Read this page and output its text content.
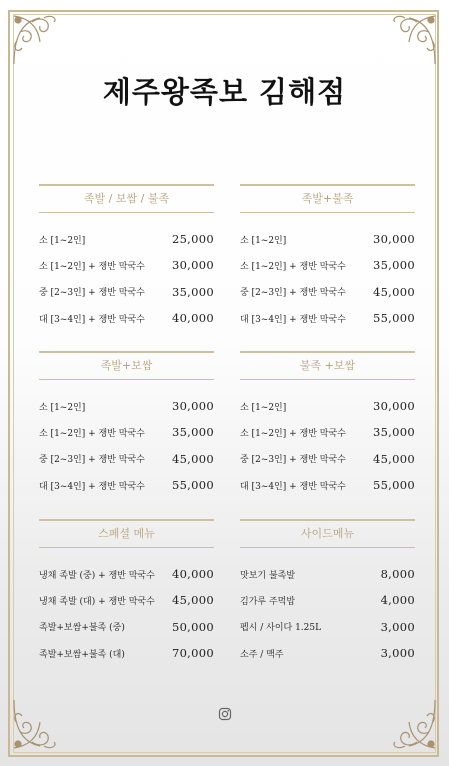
제주왕족보 김해점
족발 / 보쌈 / 불족
소 [1~2인]	25,000
소 [1~2인] + 쟁반 막국수 30,000
중 [2~3인] + 쟁반 막국수 35,000
대 [3~4인] + 쟁반 막국수 40,000
족발+불족
소 [1~2인]	30,000
소 [1~2인] + 쟁반 막국수 35,000
중 [2~3인] + 쟁반 막국수 45,000
대 [3~4인] + 쟁반 막국수 55,000
족발+보쌈
소 [1~2인]	30,000
소 [1~2인] + 쟁반 막국수 35,000
중 [2~3인] + 쟁반 막국수 45,000
대 [3~4인] + 쟁반 막국수 55,000
불족 +보쌈
소 [1~2인]	30,000
소 [1~2인] + 쟁반 막국수 35,000
중 [2~3인] + 쟁반 막국수 45,000
대 [3~4인] + 쟁반 막국수 55,000
스페셜 메뉴
냉채 족발 (중) + 쟁반 막국수 40,000
냉채 족발 (대) + 쟁반 막국수 45,000
족발+보쌈+불족 (중)	50,000
족발+보쌈+불족 (대)	70,000
사이드메뉴
맛보기 불족발	8,000
김가루 주먹밥	4,000
펩시 / 사이다 1.25L	3,000
소주 / 맥주	3,000
